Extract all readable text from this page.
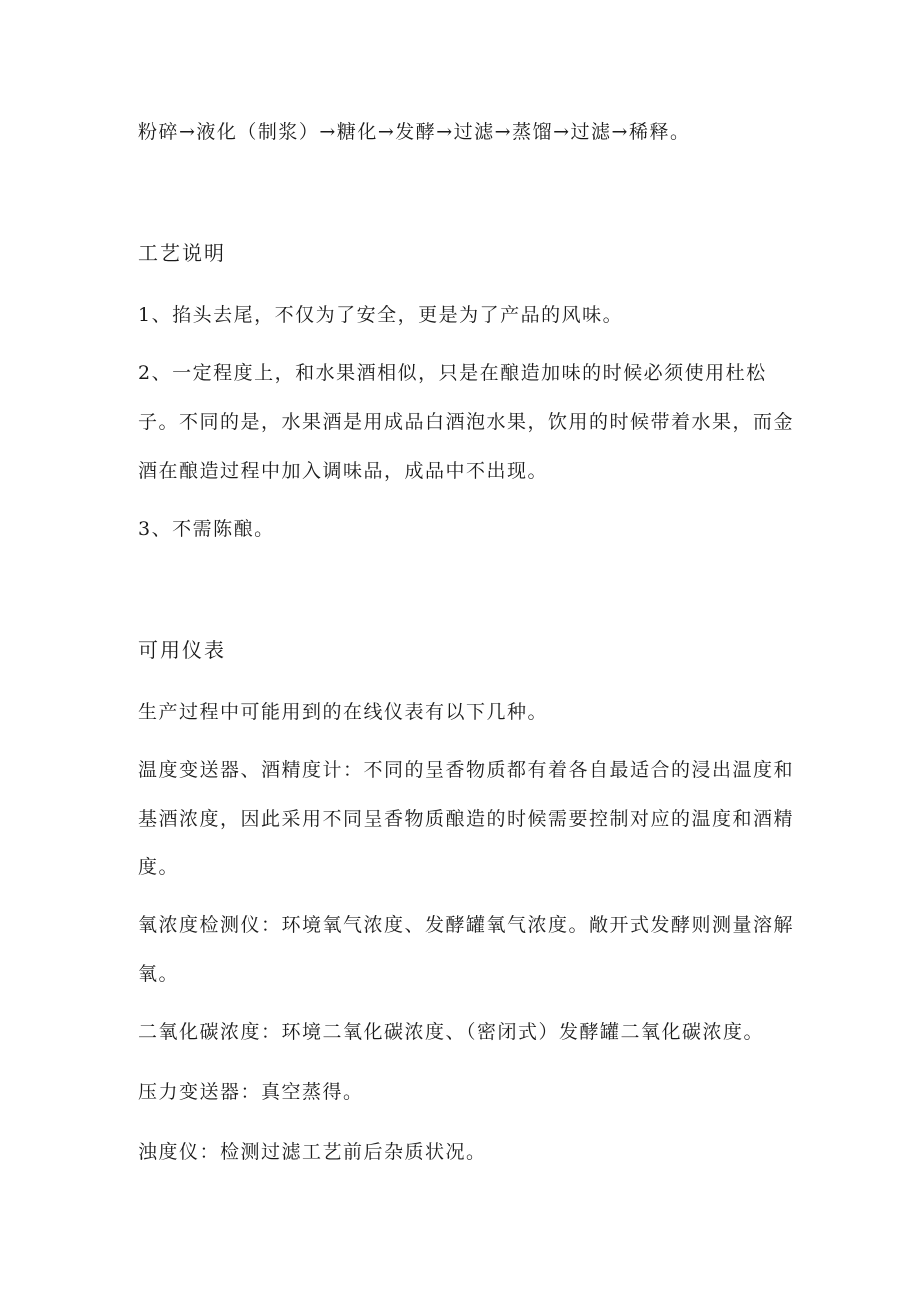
粉碎→液化（制浆）→糖化→发酵→过滤→蒸馏→过滤→稀释。

工艺说明

1、掐头去尾，不仅为了安全，更是为了产品的风味。

2、一定程度上，和水果酒相似，只是在酿造加味的时候必须使用杜松

子。不同的是，水果酒是用成品白酒泡水果，饮用的时候带着水果，而金

酒在酿造过程中加入调味品，成品中不出现。

3、不需陈酿。

可用仪表

生产过程中可能用到的在线仪表有以下几种。

温度变送器、酒精度计：不同的呈香物质都有着各自最适合的浸出温度和

基酒浓度，因此采用不同呈香物质酿造的时候需要控制对应的温度和酒精

度。

氧浓度检测仪：环境氧气浓度、发酵罐氧气浓度。敞开式发酵则测量溶解

氧。

二氧化碳浓度：环境二氧化碳浓度、（密闭式）发酵罐二氧化碳浓度。

压力变送器：真空蒸得。

浊度仪：检测过滤工艺前后杂质状况。
